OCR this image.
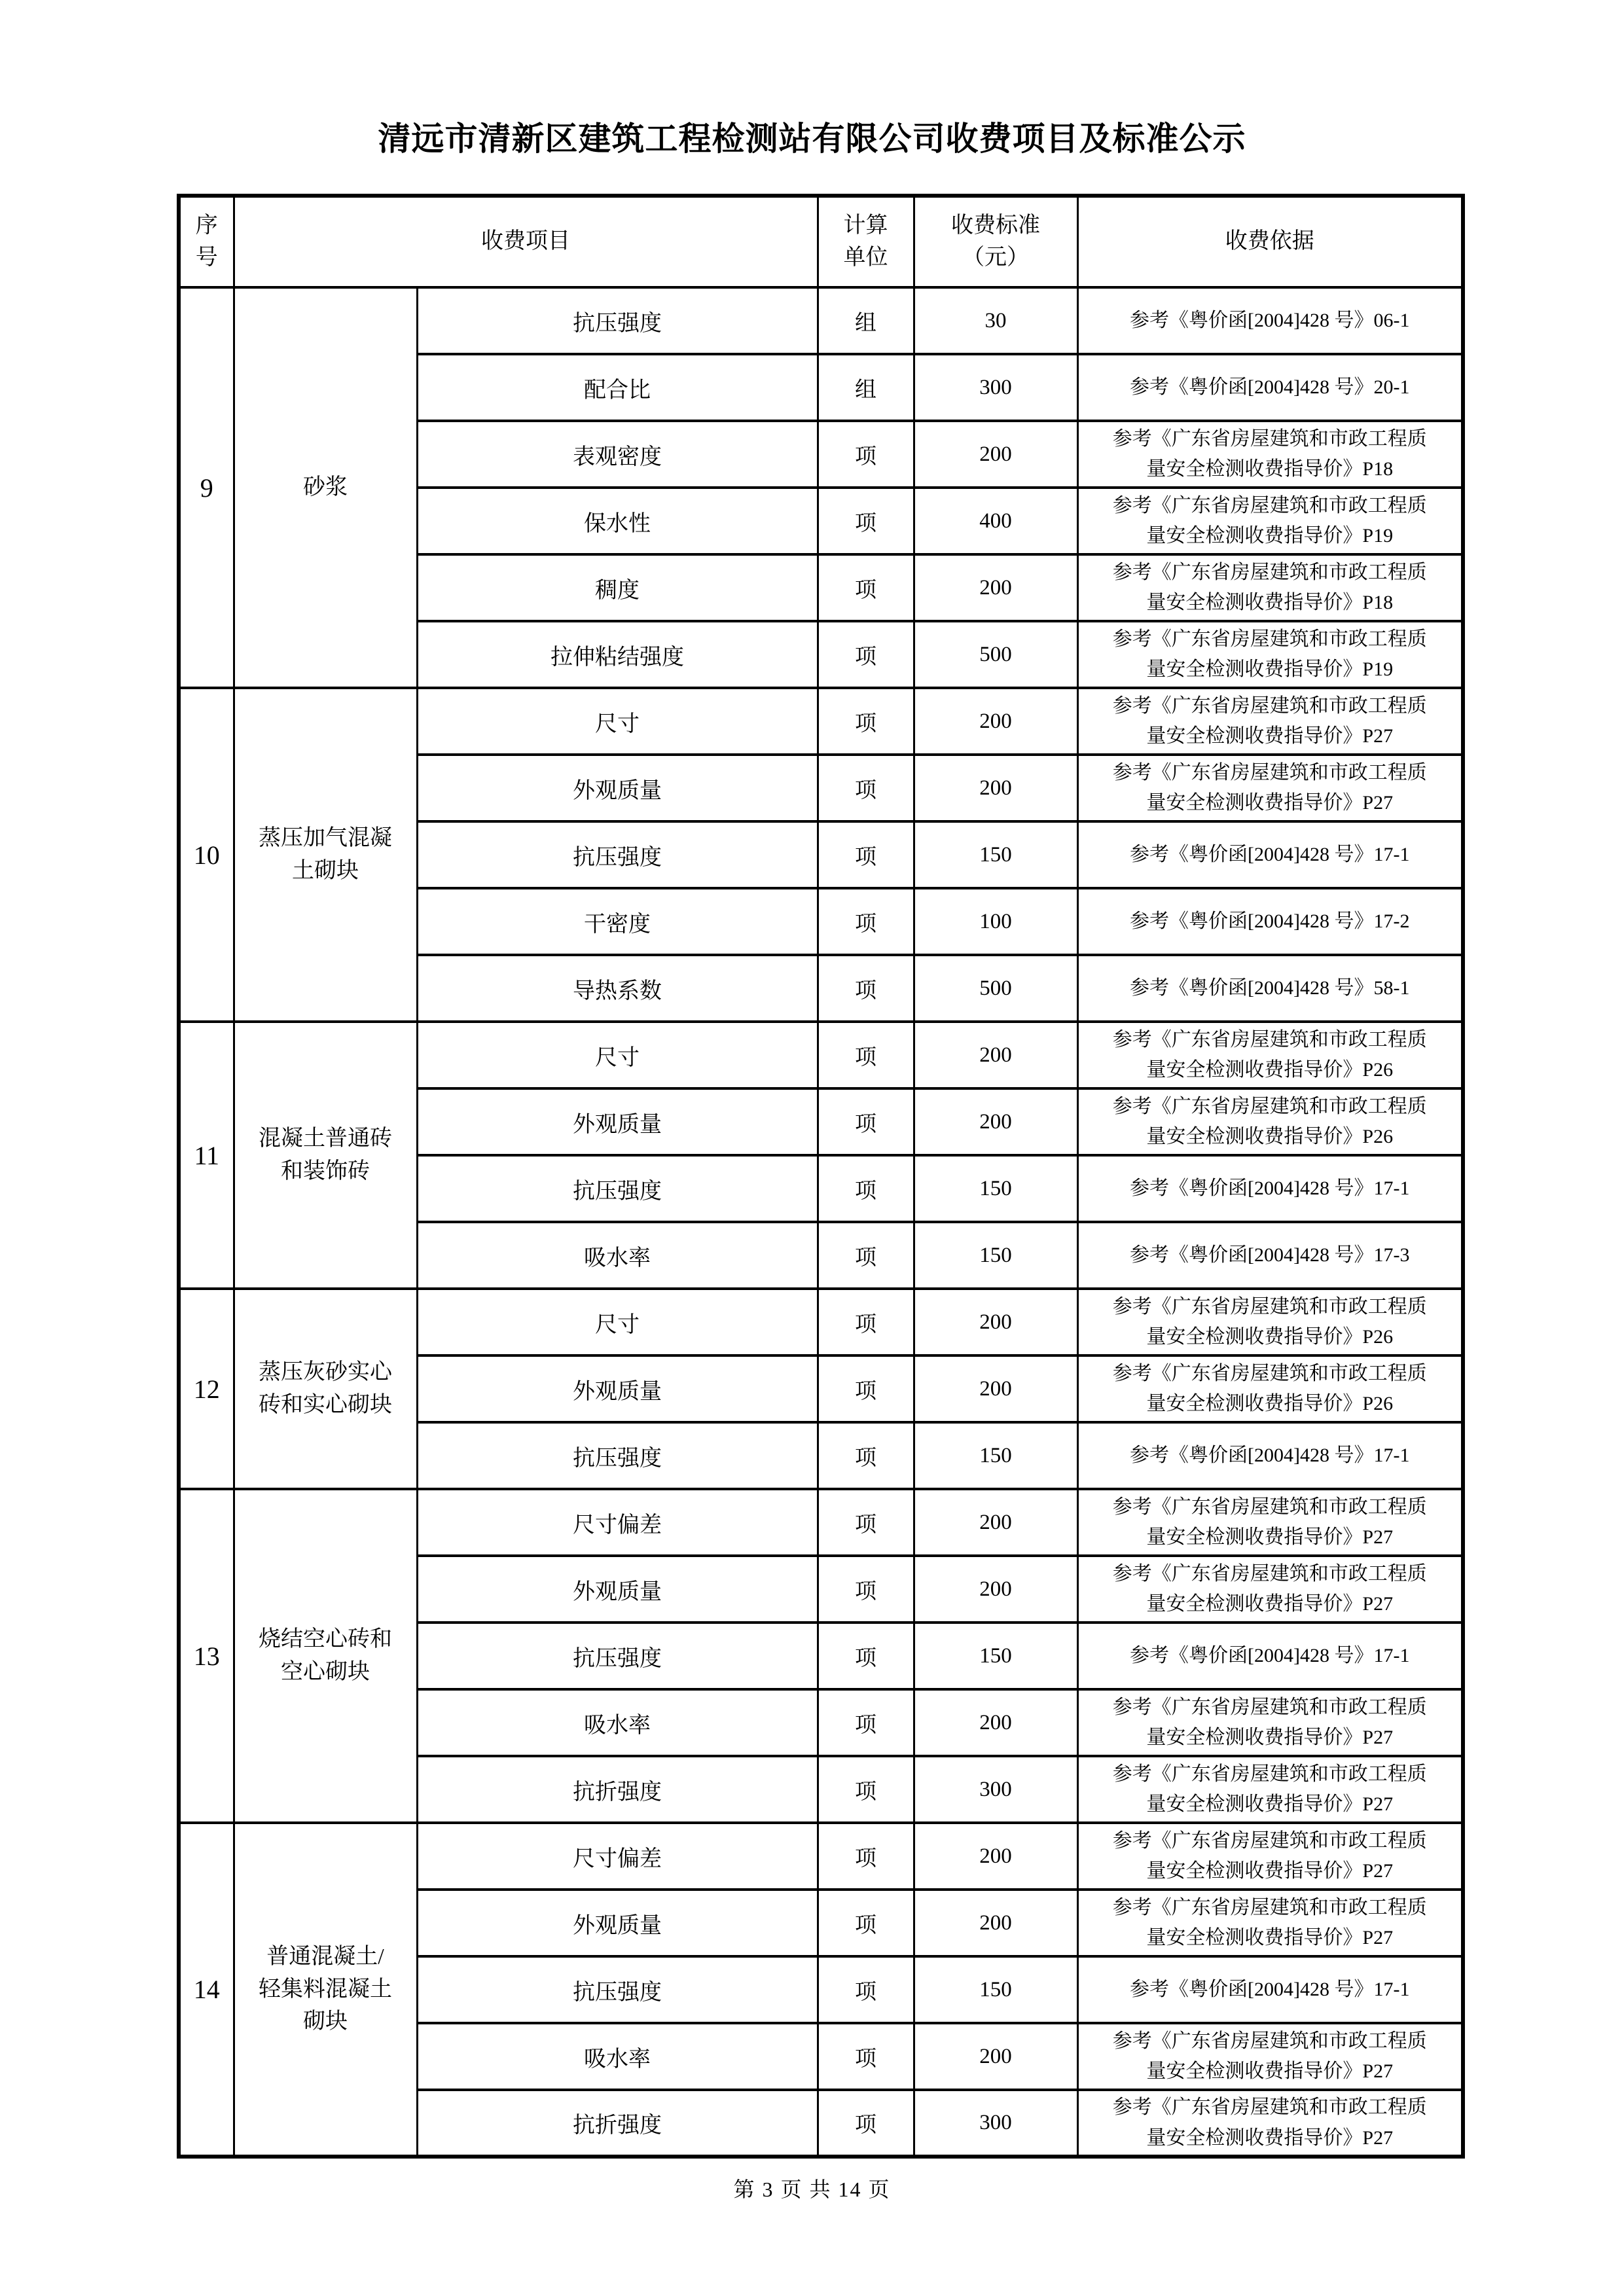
清远市清新区建筑工程检测站有限公司收费项目及标准公示
序号	收费项目		计算单位	收费标准（元）	收费依据
9	砂浆	抗压强度	组	30	参考《粤价函[2004]428 号》06-1
		配合比	组	300	参考《粤价函[2004]428 号》20-1
		表观密度	项	200	参考《广东省房屋建筑和市政工程质量安全检测收费指导价》P18
		保水性	项	400	参考《广东省房屋建筑和市政工程质量安全检测收费指导价》P19
		稠度	项	200	参考《广东省房屋建筑和市政工程质量安全检测收费指导价》P18
		拉伸粘结强度	项	500	参考《广东省房屋建筑和市政工程质量安全检测收费指导价》P19
10	蒸压加气混凝土砌块	尺寸	项	200	参考《广东省房屋建筑和市政工程质量安全检测收费指导价》P27
		外观质量	项	200	参考《广东省房屋建筑和市政工程质量安全检测收费指导价》P27
		抗压强度	项	150	参考《粤价函[2004]428 号》17-1
		干密度	项	100	参考《粤价函[2004]428 号》17-2
		导热系数	项	500	参考《粤价函[2004]428 号》58-1
11	混凝土普通砖和装饰砖	尺寸	项	200	参考《广东省房屋建筑和市政工程质量安全检测收费指导价》P26
		外观质量	项	200	参考《广东省房屋建筑和市政工程质量安全检测收费指导价》P26
		抗压强度	项	150	参考《粤价函[2004]428 号》17-1
		吸水率	项	150	参考《粤价函[2004]428 号》17-3
12	蒸压灰砂实心砖和实心砌块	尺寸	项	200	参考《广东省房屋建筑和市政工程质量安全检测收费指导价》P26
		外观质量	项	200	参考《广东省房屋建筑和市政工程质量安全检测收费指导价》P26
		抗压强度	项	150	参考《粤价函[2004]428 号》17-1
13	烧结空心砖和空心砌块	尺寸偏差	项	200	参考《广东省房屋建筑和市政工程质量安全检测收费指导价》P27
		外观质量	项	200	参考《广东省房屋建筑和市政工程质量安全检测收费指导价》P27
		抗压强度	项	150	参考《粤价函[2004]428 号》17-1
		吸水率	项	200	参考《广东省房屋建筑和市政工程质量安全检测收费指导价》P27
		抗折强度	项	300	参考《广东省房屋建筑和市政工程质量安全检测收费指导价》P27
14	普通混凝土/轻集料混凝土砌块	尺寸偏差	项	200	参考《广东省房屋建筑和市政工程质量安全检测收费指导价》P27
		外观质量	项	200	参考《广东省房屋建筑和市政工程质量安全检测收费指导价》P27
		抗压强度	项	150	参考《粤价函[2004]428 号》17-1
		吸水率	项	200	参考《广东省房屋建筑和市政工程质量安全检测收费指导价》P27
		抗折强度	项	300	参考《广东省房屋建筑和市政工程质量安全检测收费指导价》P27
第 3 页 共 14 页
